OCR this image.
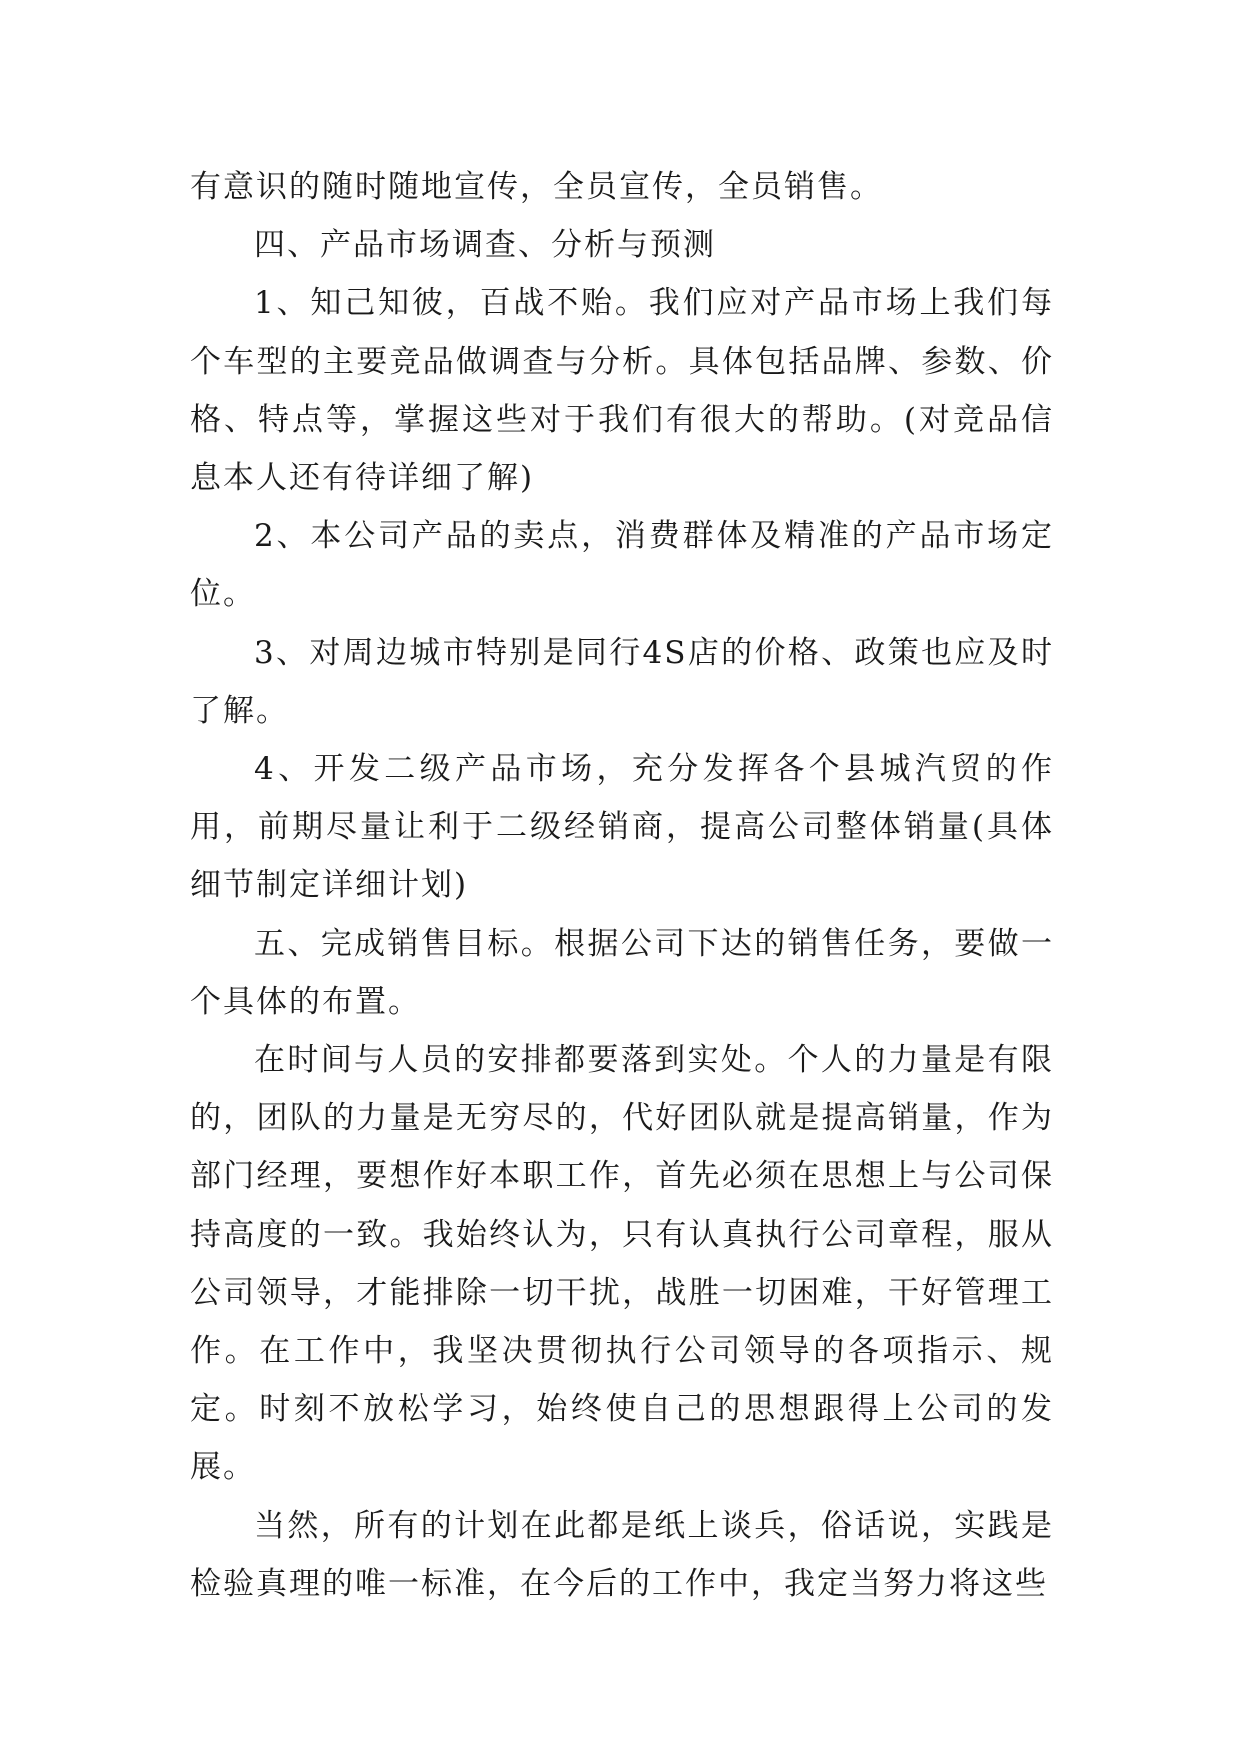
有意识的随时随地宣传，全员宣传，全员销售。

四、产品市场调查、分析与预测

1、知己知彼，百战不贻。我们应对产品市场上我们每个车型的主要竞品做调查与分析。具体包括品牌、参数、价格、特点等，掌握这些对于我们有很大的帮助。(对竞品信息本人还有待详细了解)

2、本公司产品的卖点，消费群体及精准的产品市场定位。

3、对周边城市特别是同行4S店的价格、政策也应及时了解。

4、开发二级产品市场，充分发挥各个县城汽贸的作用，前期尽量让利于二级经销商，提高公司整体销量(具体细节制定详细计划)

五、完成销售目标。根据公司下达的销售任务，要做一个具体的布置。

在时间与人员的安排都要落到实处。个人的力量是有限的，团队的力量是无穷尽的，代好团队就是提高销量，作为部门经理，要想作好本职工作，首先必须在思想上与公司保持高度的一致。我始终认为，只有认真执行公司章程，服从公司领导，才能排除一切干扰，战胜一切困难，干好管理工作。在工作中，我坚决贯彻执行公司领导的各项指示、规定。时刻不放松学习，始终使自己的思想跟得上公司的发展。

当然，所有的计划在此都是纸上谈兵，俗话说，实践是检验真理的唯一标准，在今后的工作中，我定当努力将这些
